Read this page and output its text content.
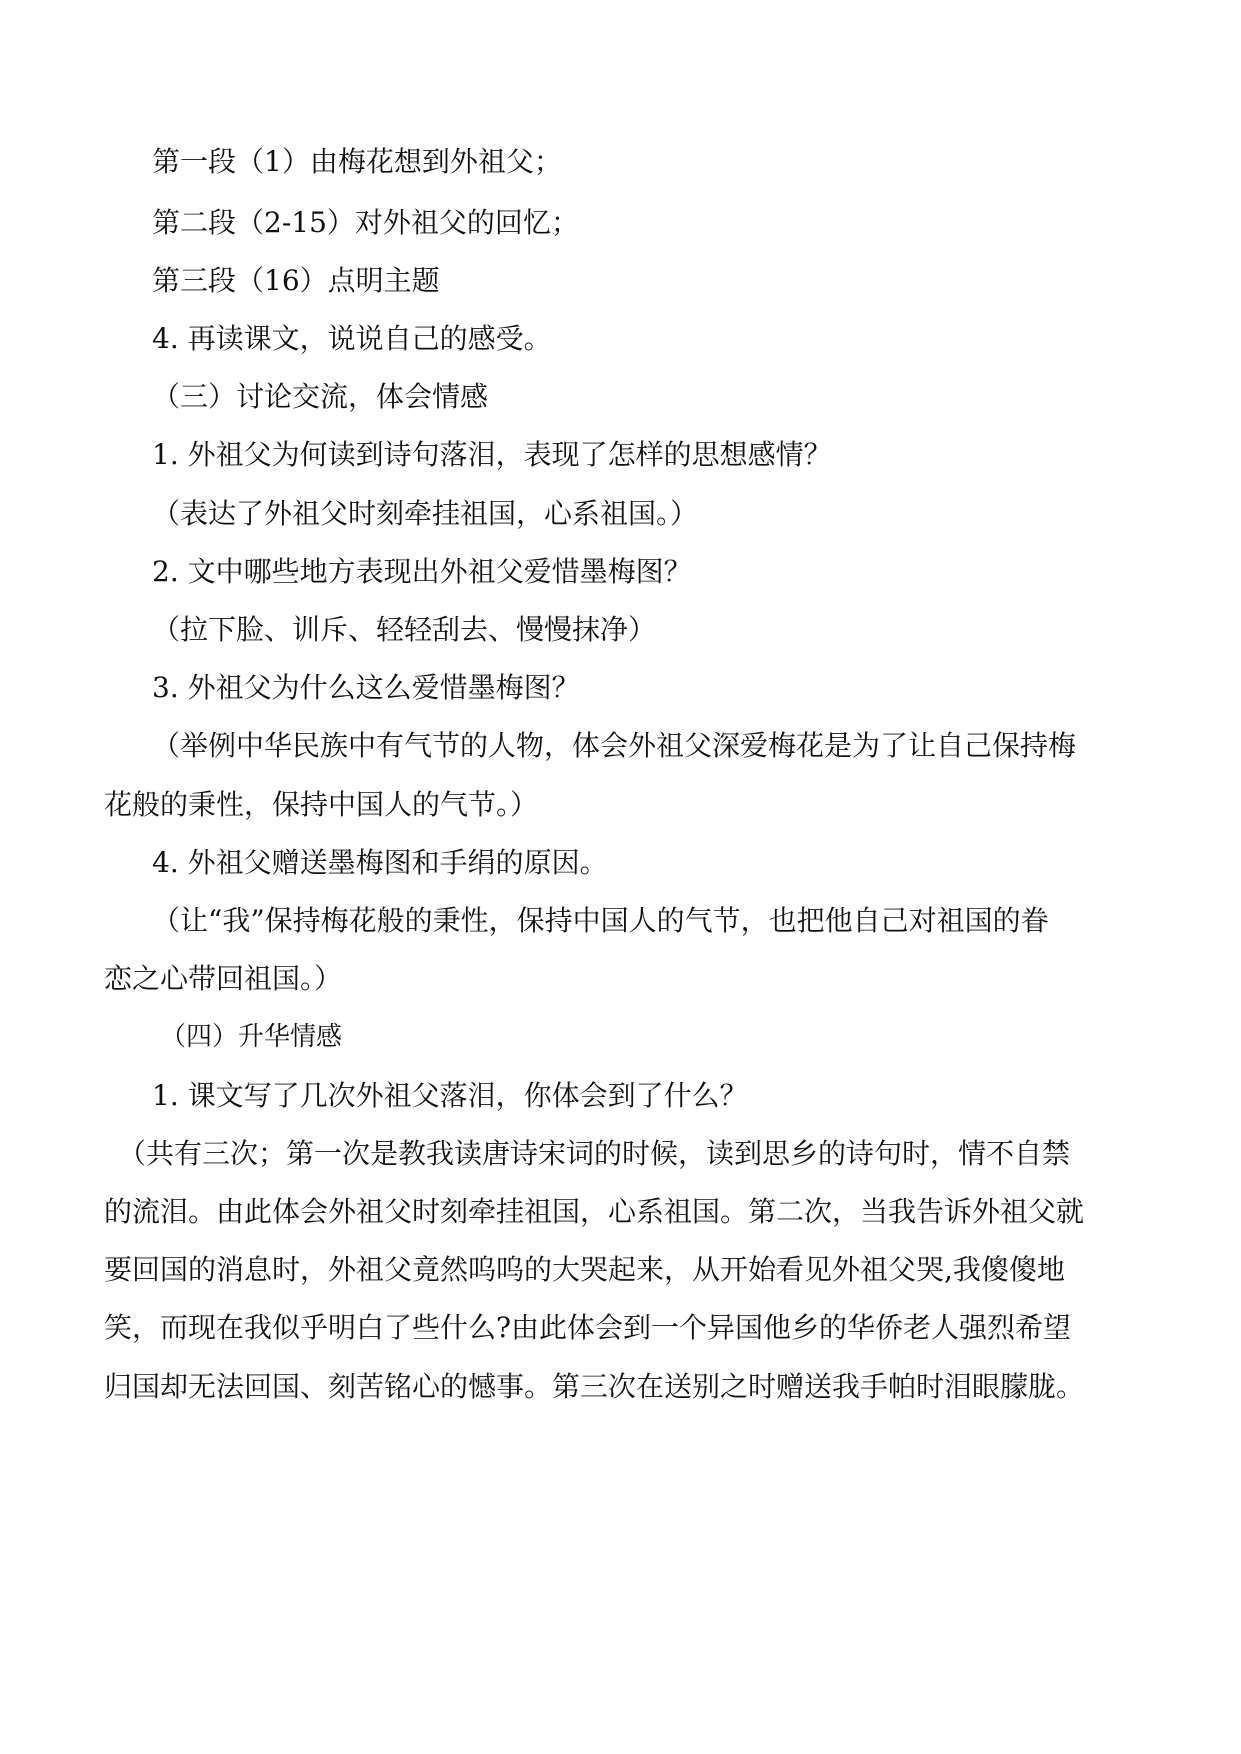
第一段（1）由梅花想到外祖父；

第二段（2-15）对外祖父的回忆；

第三段（16）点明主题

4. 再读课文，说说自己的感受。

（三）讨论交流，体会情感

1. 外祖父为何读到诗句落泪，表现了怎样的思想感情？

（表达了外祖父时刻牵挂祖国，心系祖国。）

2. 文中哪些地方表现出外祖父爱惜墨梅图？

（拉下脸、训斥、轻轻刮去、慢慢抹净）

3. 外祖父为什么这么爱惜墨梅图？

（举例中华民族中有气节的人物，体会外祖父深爱梅花是为了让自己保持梅

花般的秉性，保持中国人的气节。）

4. 外祖父赠送墨梅图和手绢的原因。

（让“我”保持梅花般的秉性，保持中国人的气节，也把他自己对祖国的眷

恋之心带回祖国。）

（四）升华情感

1. 课文写了几次外祖父落泪，你体会到了什么？

（共有三次；第一次是教我读唐诗宋词的时候，读到思乡的诗句时，情不自禁

的流泪。由此体会外祖父时刻牵挂祖国，心系祖国。第二次，当我告诉外祖父就

要回国的消息时，外祖父竟然呜呜的大哭起来，从开始看见外祖父哭,我傻傻地

笑，而现在我似乎明白了些什么?由此体会到一个异国他乡的华侨老人强烈希望

归国却无法回国、刻苦铭心的憾事。第三次在送别之时赠送我手帕时泪眼朦胧。
